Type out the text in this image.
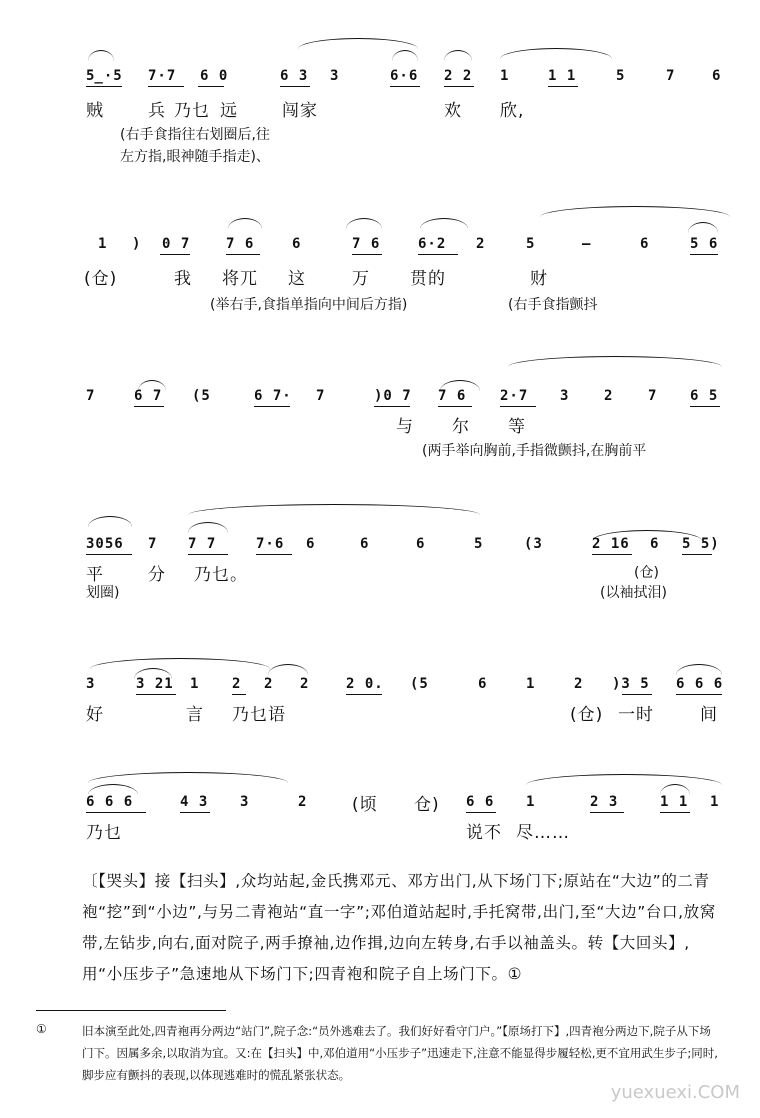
5̲·5 7·7 6 0	6 3 3	6·6 2 2 1	1 1	5	7	6
贼	兵 乃乜 远	闯家	欢 欣,
(右手食指往右划圈后,往
左方指,眼神随手指走)、
1 ) 0 7	7 6	6	7 6	6·2 2	5	–	6	5 6
(仓)	我 将兀 这	万 贯的	财
(举右手,食指单指向中间后方指)	(右手食指颤抖
7	6 7 (5	6 7· 7	)0 7 7 6 2·7 3 2 7 6 5
与 尔 等
(两手举向胸前,手指微颤抖,在胸前平
3056 7 7 7	7·6 6	6	6	5	(3	2 16 6 5 5)
平	分 乃乜。
划圈)
(仓)
(以袖拭泪)
3	3 21 1 2 2 2	2 0. (5	6	1	2 )3 5 6 6 6
好	言 乃乜语	(仓) 一时	间
6 6 6	4 3 3	2	(顷 仓) 6 6 1	2 3	1 1 1
乃乜	说不 尽……
〔【哭头】接【扫头】,众均站起,金氏携邓元、邓方出门,从下场门下;原站在“大边”的二青袍“挖”到“小边”,与另二青袍站“直一字”;邓伯道站起时,手托窝带,出门,至“大边”台口,放窝带,左钻步,向右,面对院子,两手撩袖,边作揖,边向左转身,右手以袖盖头。转【大回头】,用“小压步子”急速地从下场门下;四青袍和院子自上场门下。①
①	旧本演至此处,四青袍再分两边“站门”,院子念:“员外逃难去了。我们好好看守门户。”【原场打下】,四青袍分两边下,院子从下场门下。因属多余,以取消为宜。又:在【扫头】中,邓伯道用“小压步子”迅速走下,注意不能显得步履轻松,更不宜用武生步子;同时,脚步应有颤抖的表现,以体现逃难时的慌乱紧张状态。
yuexuexi.COM
